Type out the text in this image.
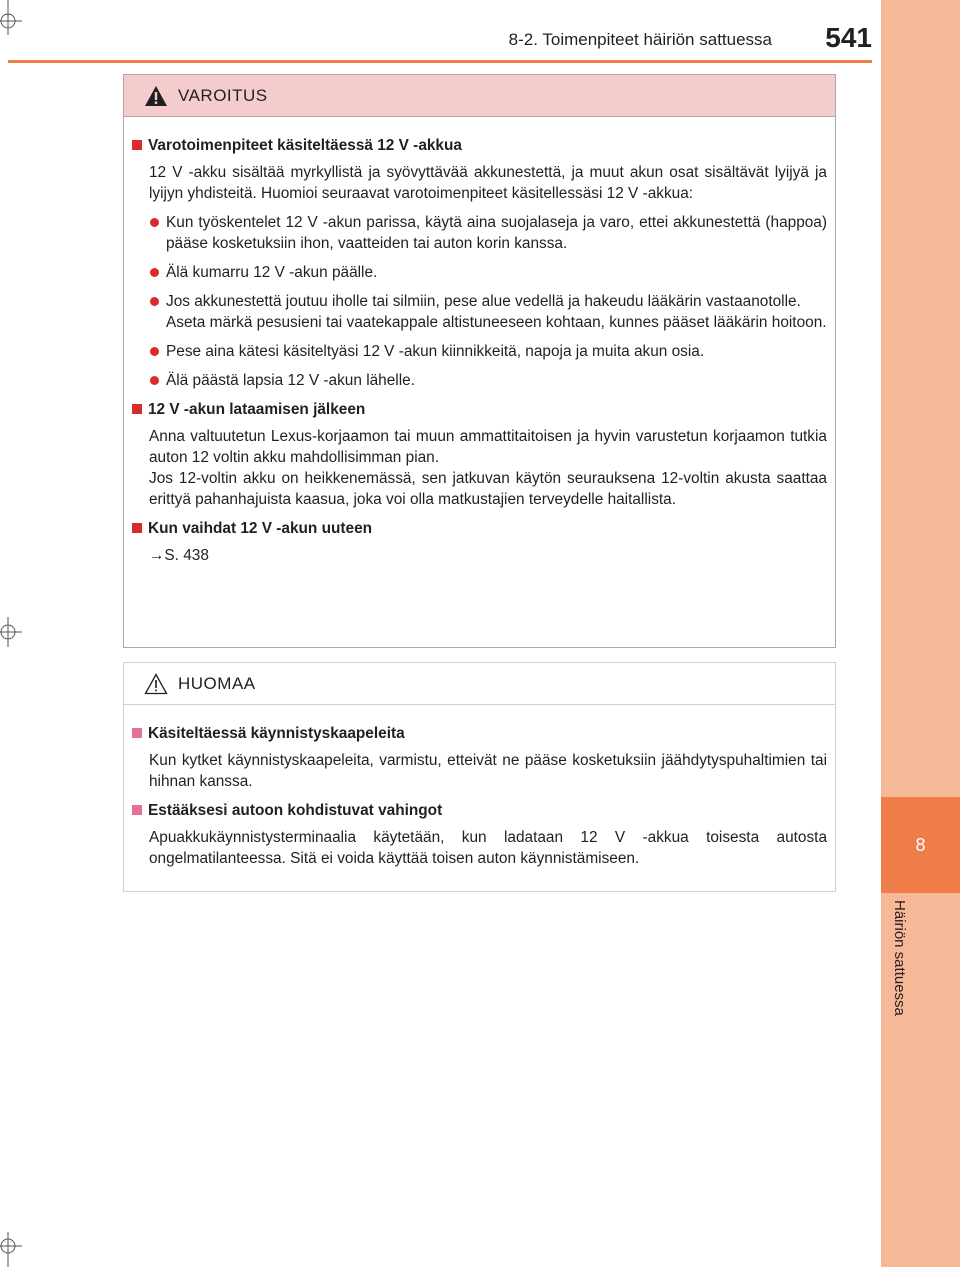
8
Häiriön sattuessa
8-2. Toimenpiteet häiriön sattuessa	541
VAROITUS
Varotoimenpiteet käsiteltäessä 12 V -akkua
12 V -akku sisältää myrkyllistä ja syövyttävää akkunestettä, ja muut akun osat sisältävät lyijyä ja lyijyn yhdisteitä. Huomioi seuraavat varotoimenpiteet käsitellessäsi 12 V -akkua:
Kun työskentelet 12 V -akun parissa, käytä aina suojalaseja ja varo, ettei akkunestettä (happoa) pääse kosketuksiin ihon, vaatteiden tai auton korin kanssa.
Älä kumarru 12 V -akun päälle.
Jos akkunestettä joutuu iholle tai silmiin, pese alue vedellä ja hakeudu lääkärin vastaanotolle.
Aseta märkä pesusieni tai vaatekappale altistuneeseen kohtaan, kunnes pääset lääkärin hoitoon.
Pese aina kätesi käsiteltyäsi 12 V -akun kiinnikkeitä, napoja ja muita akun osia.
Älä päästä lapsia 12 V -akun lähelle.
12 V -akun lataamisen jälkeen
Anna valtuutetun Lexus-korjaamon tai muun ammattitaitoisen ja hyvin varustetun korjaamon tutkia auton 12 voltin akku mahdollisimman pian.
Jos 12-voltin akku on heikkenemässä, sen jatkuvan käytön seurauksena 12-voltin akusta saattaa erittyä pahanhajuista kaasua, joka voi olla matkustajien terveydelle haitallista.
Kun vaihdat 12 V -akun uuteen
→S. 438
HUOMAA
Käsiteltäessä käynnistyskaapeleita
Kun kytket käynnistyskaapeleita, varmistu, etteivät ne pääse kosketuksiin jäähdytyspuhaltimien tai hihnan kanssa.
Estääksesi autoon kohdistuvat vahingot
Apuakkukäynnistysterminaalia käytetään, kun ladataan 12 V -akkua toisesta autosta ongelmatilanteessa. Sitä ei voida käyttää toisen auton käynnistämiseen.
